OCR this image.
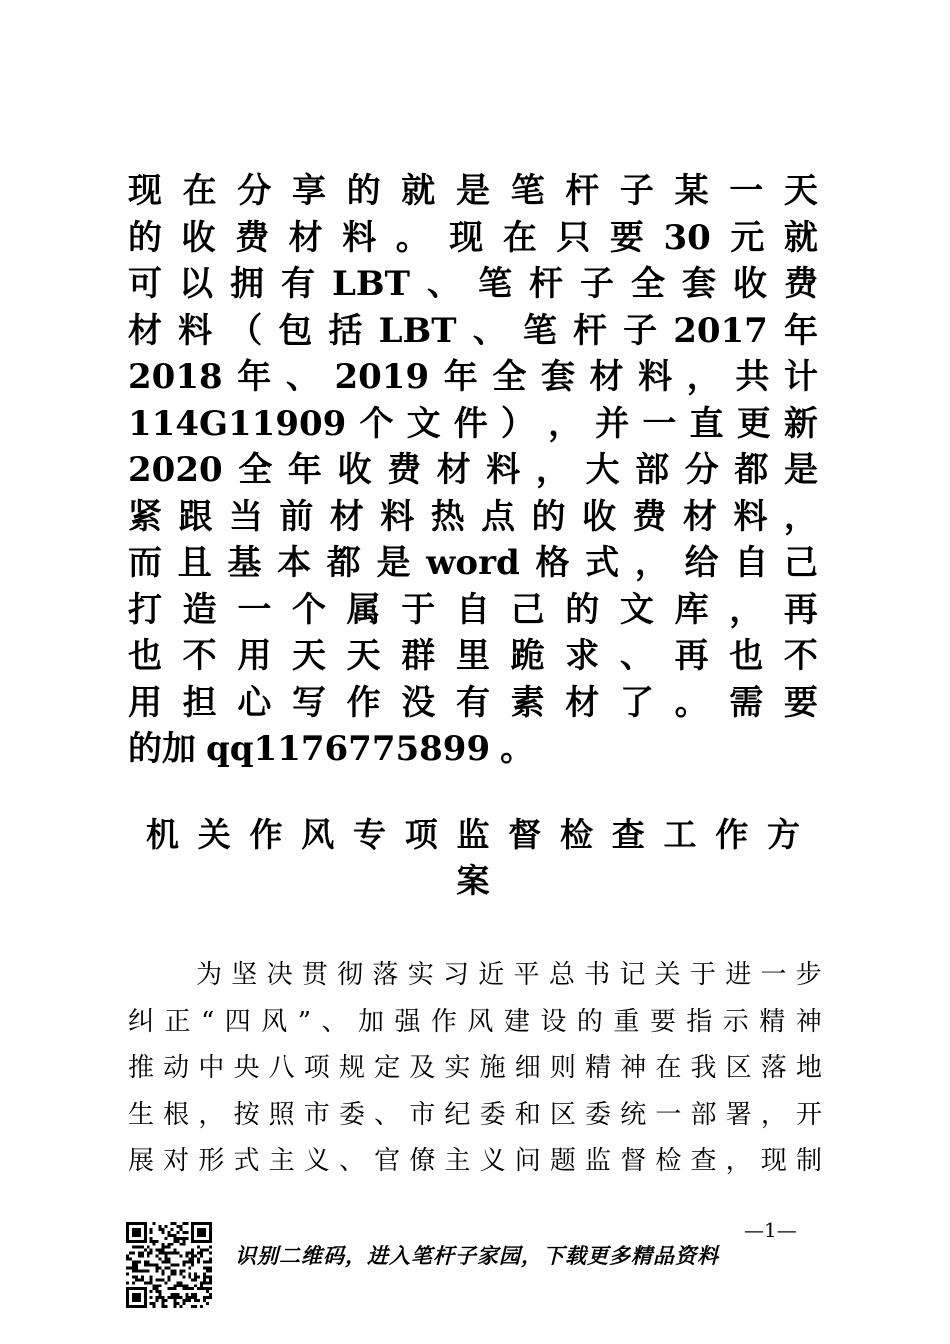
现 在 分 享 的 就 是 笔 杆 子 某 一 天
的 收 费 材 料 。 现 在 只 要 30 元 就
可 以 拥 有 LBT 、 笔 杆 子 全 套 收 费
材 料 （ 包 括 LBT 、 笔 杆 子 2017 年
2018 年 、 2019 年 全 套 材 料 ， 共 计
114G11909 个 文 件 ） ， 并 一 直 更 新
2020 全 年 收 费 材 料 ， 大 部 分 都 是
紧 跟 当 前 材 料 热 点 的 收 费 材 料 ，
而 且 基 本 都 是 word 格 式 ， 给 自 己
打 造 一 个 属 于 自 己 的 文 库 ， 再
也 不 用 天 天 群 里 跪 求 、 再 也 不
用 担 心 写 作 没 有 素 材 了 。 需 要
的加 qq1176775899 。
机 关 作 风 专 项 监 督 检 查 工 作 方
案
为 坚 决 贯 彻 落 实 习 近 平 总 书 记 关 于 进 一 步
纠 正 “ 四 风 ” 、 加 强 作 风 建 设 的 重 要 指 示 精 神
推 动 中 央 八 项 规 定 及 实 施 细 则 精 神 在 我 区 落 地
生 根 ， 按 照 市 委 、 市 纪 委 和 区 委 统 一 部 署 ， 开
展 对 形 式 主 义 、 官 僚 主 义 问 题 监 督 检 查 ， 现 制
—1—
识别二维码，进入笔杆子家园，下载更多精品资料
